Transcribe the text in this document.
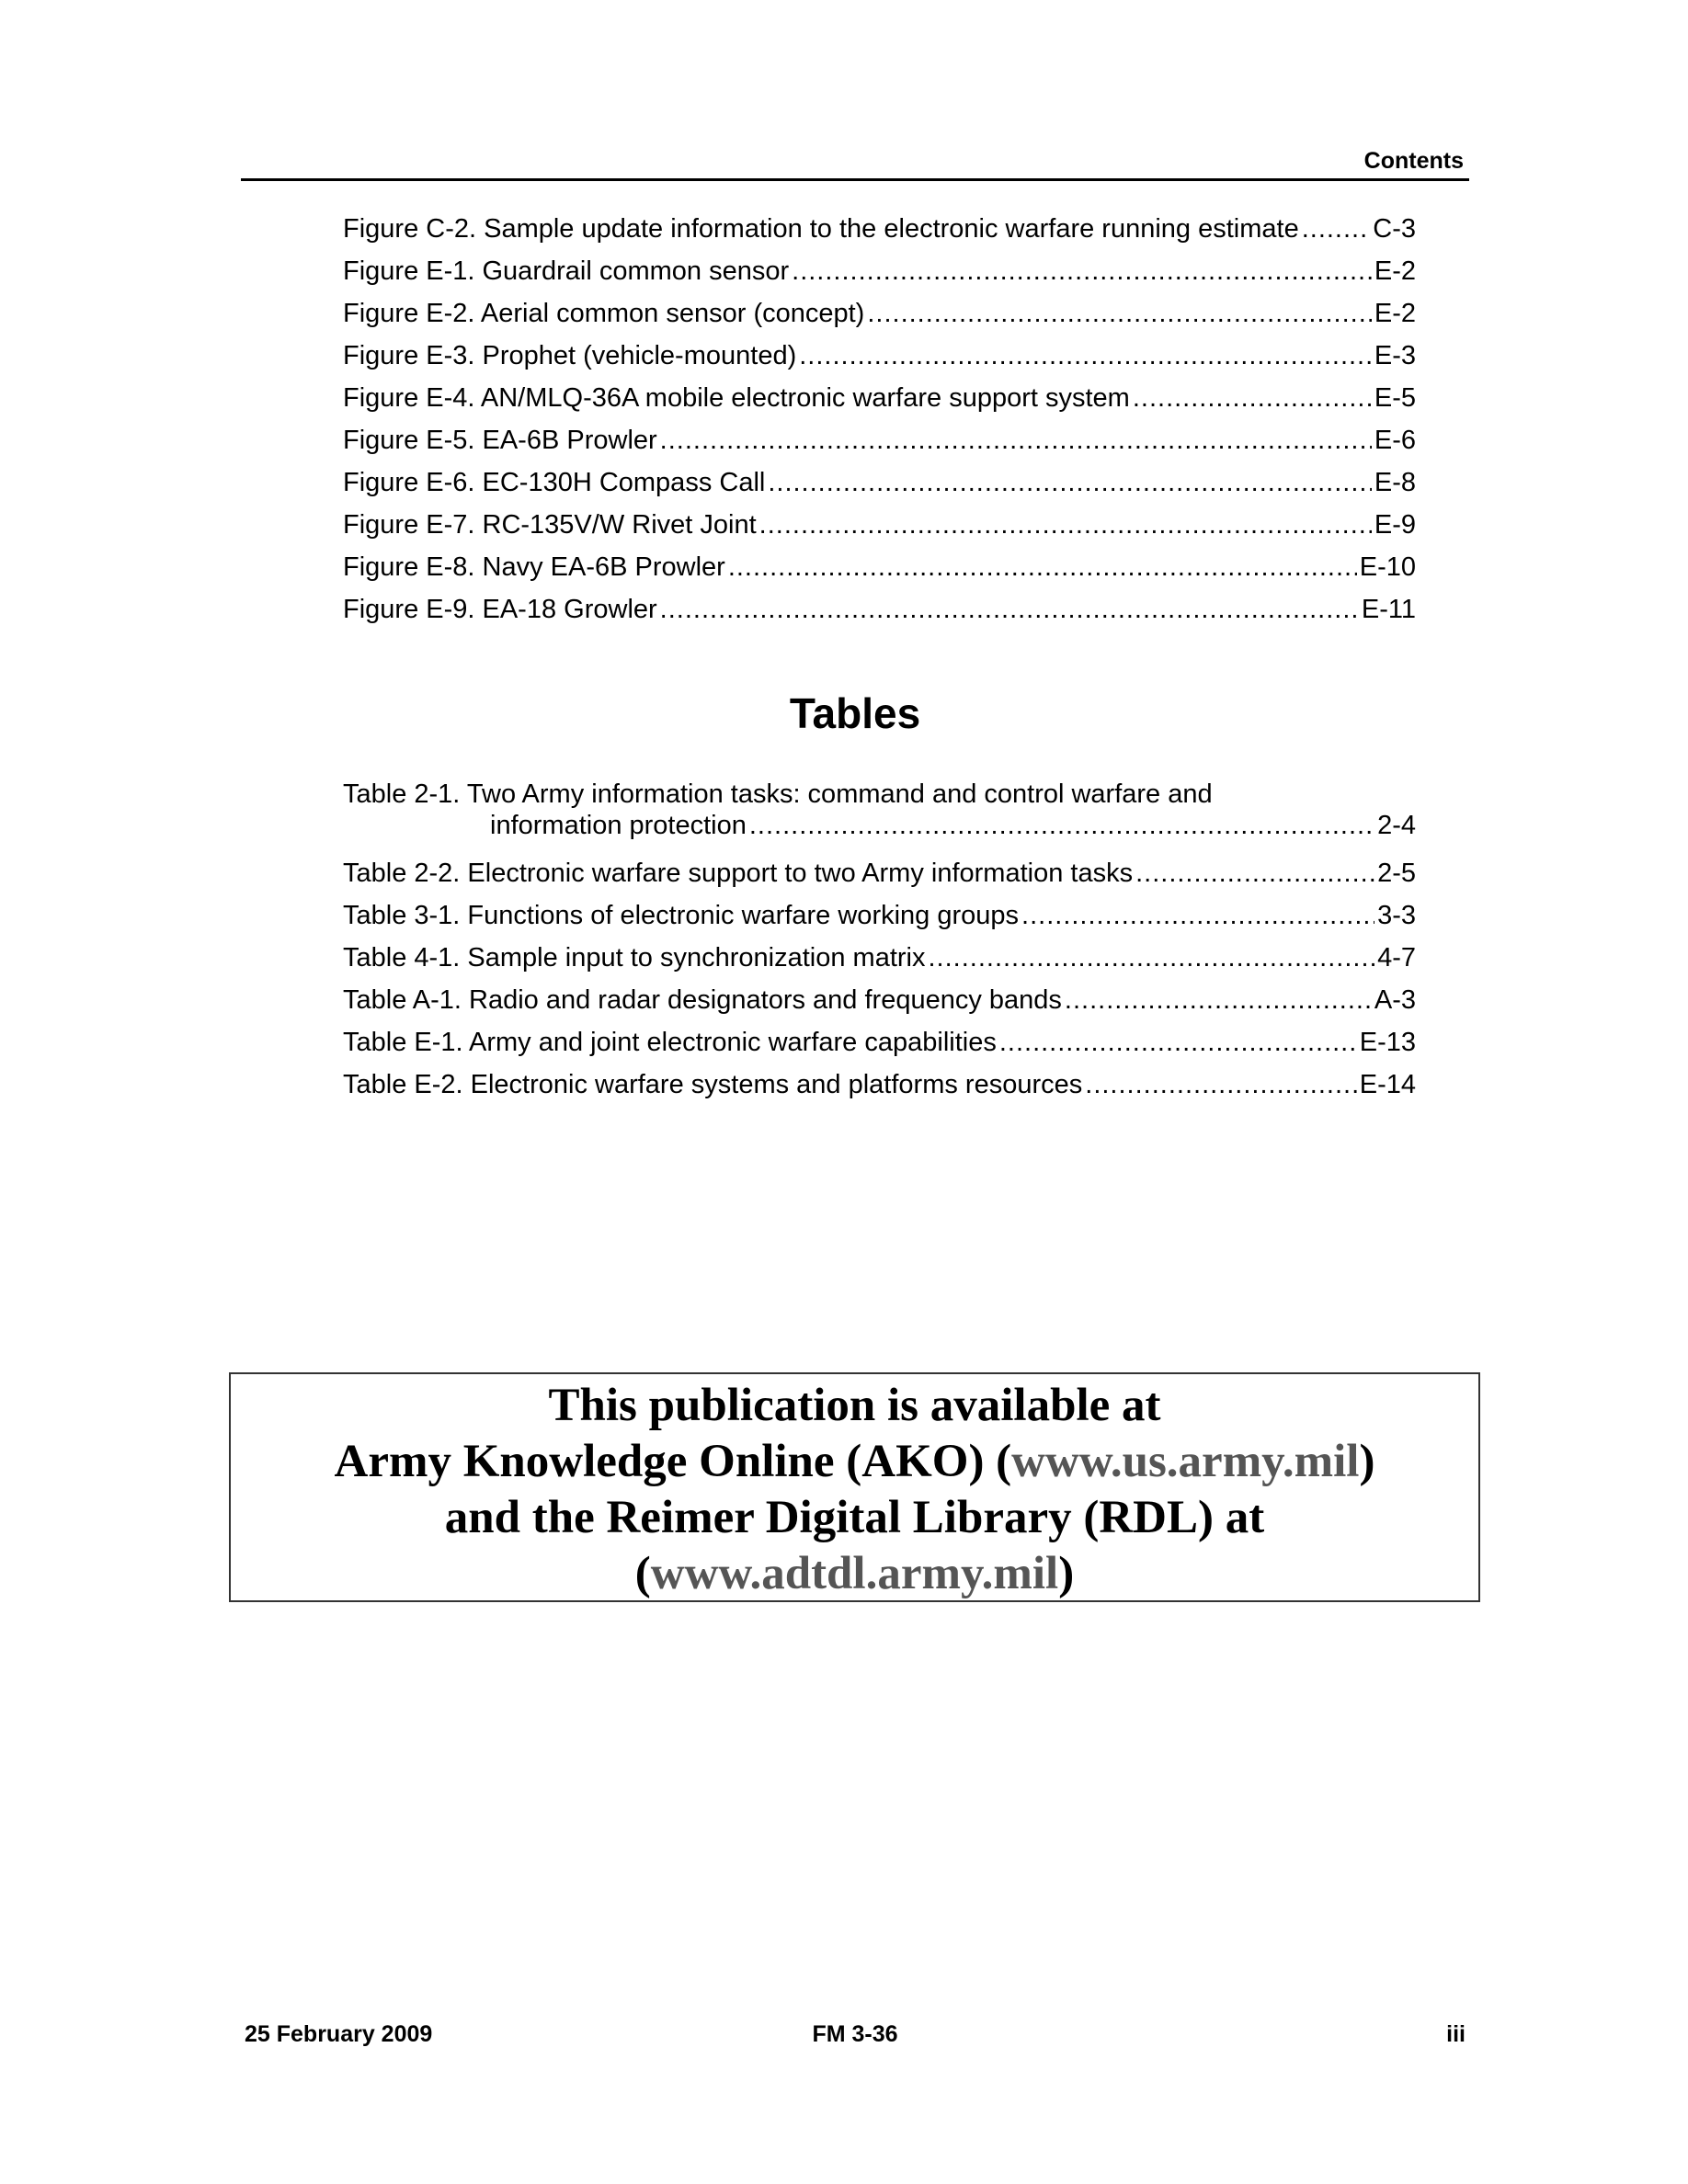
Contents
Figure C-2. Sample update information to the electronic warfare running estimate .....	C-3
Figure E-1. Guardrail common sensor .....	E-2
Figure E-2. Aerial common sensor (concept) .....	E-2
Figure E-3. Prophet (vehicle-mounted) .....	E-3
Figure E-4. AN/MLQ-36A mobile electronic warfare support system .....	E-5
Figure E-5. EA-6B Prowler .....	E-6
Figure E-6. EC-130H Compass Call .....	E-8
Figure E-7. RC-135V/W Rivet Joint .....	E-9
Figure E-8. Navy EA-6B Prowler .....	E-10
Figure E-9. EA-18 Growler .....	E-11
Tables
Table 2-1. Two Army information tasks: command and control warfare and
information protection .....	2-4
Table 2-2. Electronic warfare support to two Army information tasks .....	2-5
Table 3-1. Functions of electronic warfare working groups .....	3-3
Table 4-1. Sample input to synchronization matrix .....	4-7
Table A-1. Radio and radar designators and frequency bands .....	A-3
Table E-1. Army and joint electronic warfare capabilities .....	E-13
Table E-2. Electronic warfare systems and platforms resources .....	E-14
This publication is available at
Army Knowledge Online (AKO) (www.us.army.mil)
and the Reimer Digital Library (RDL) at
(www.adtdl.army.mil)
25 February 2009	FM 3-36	iii
